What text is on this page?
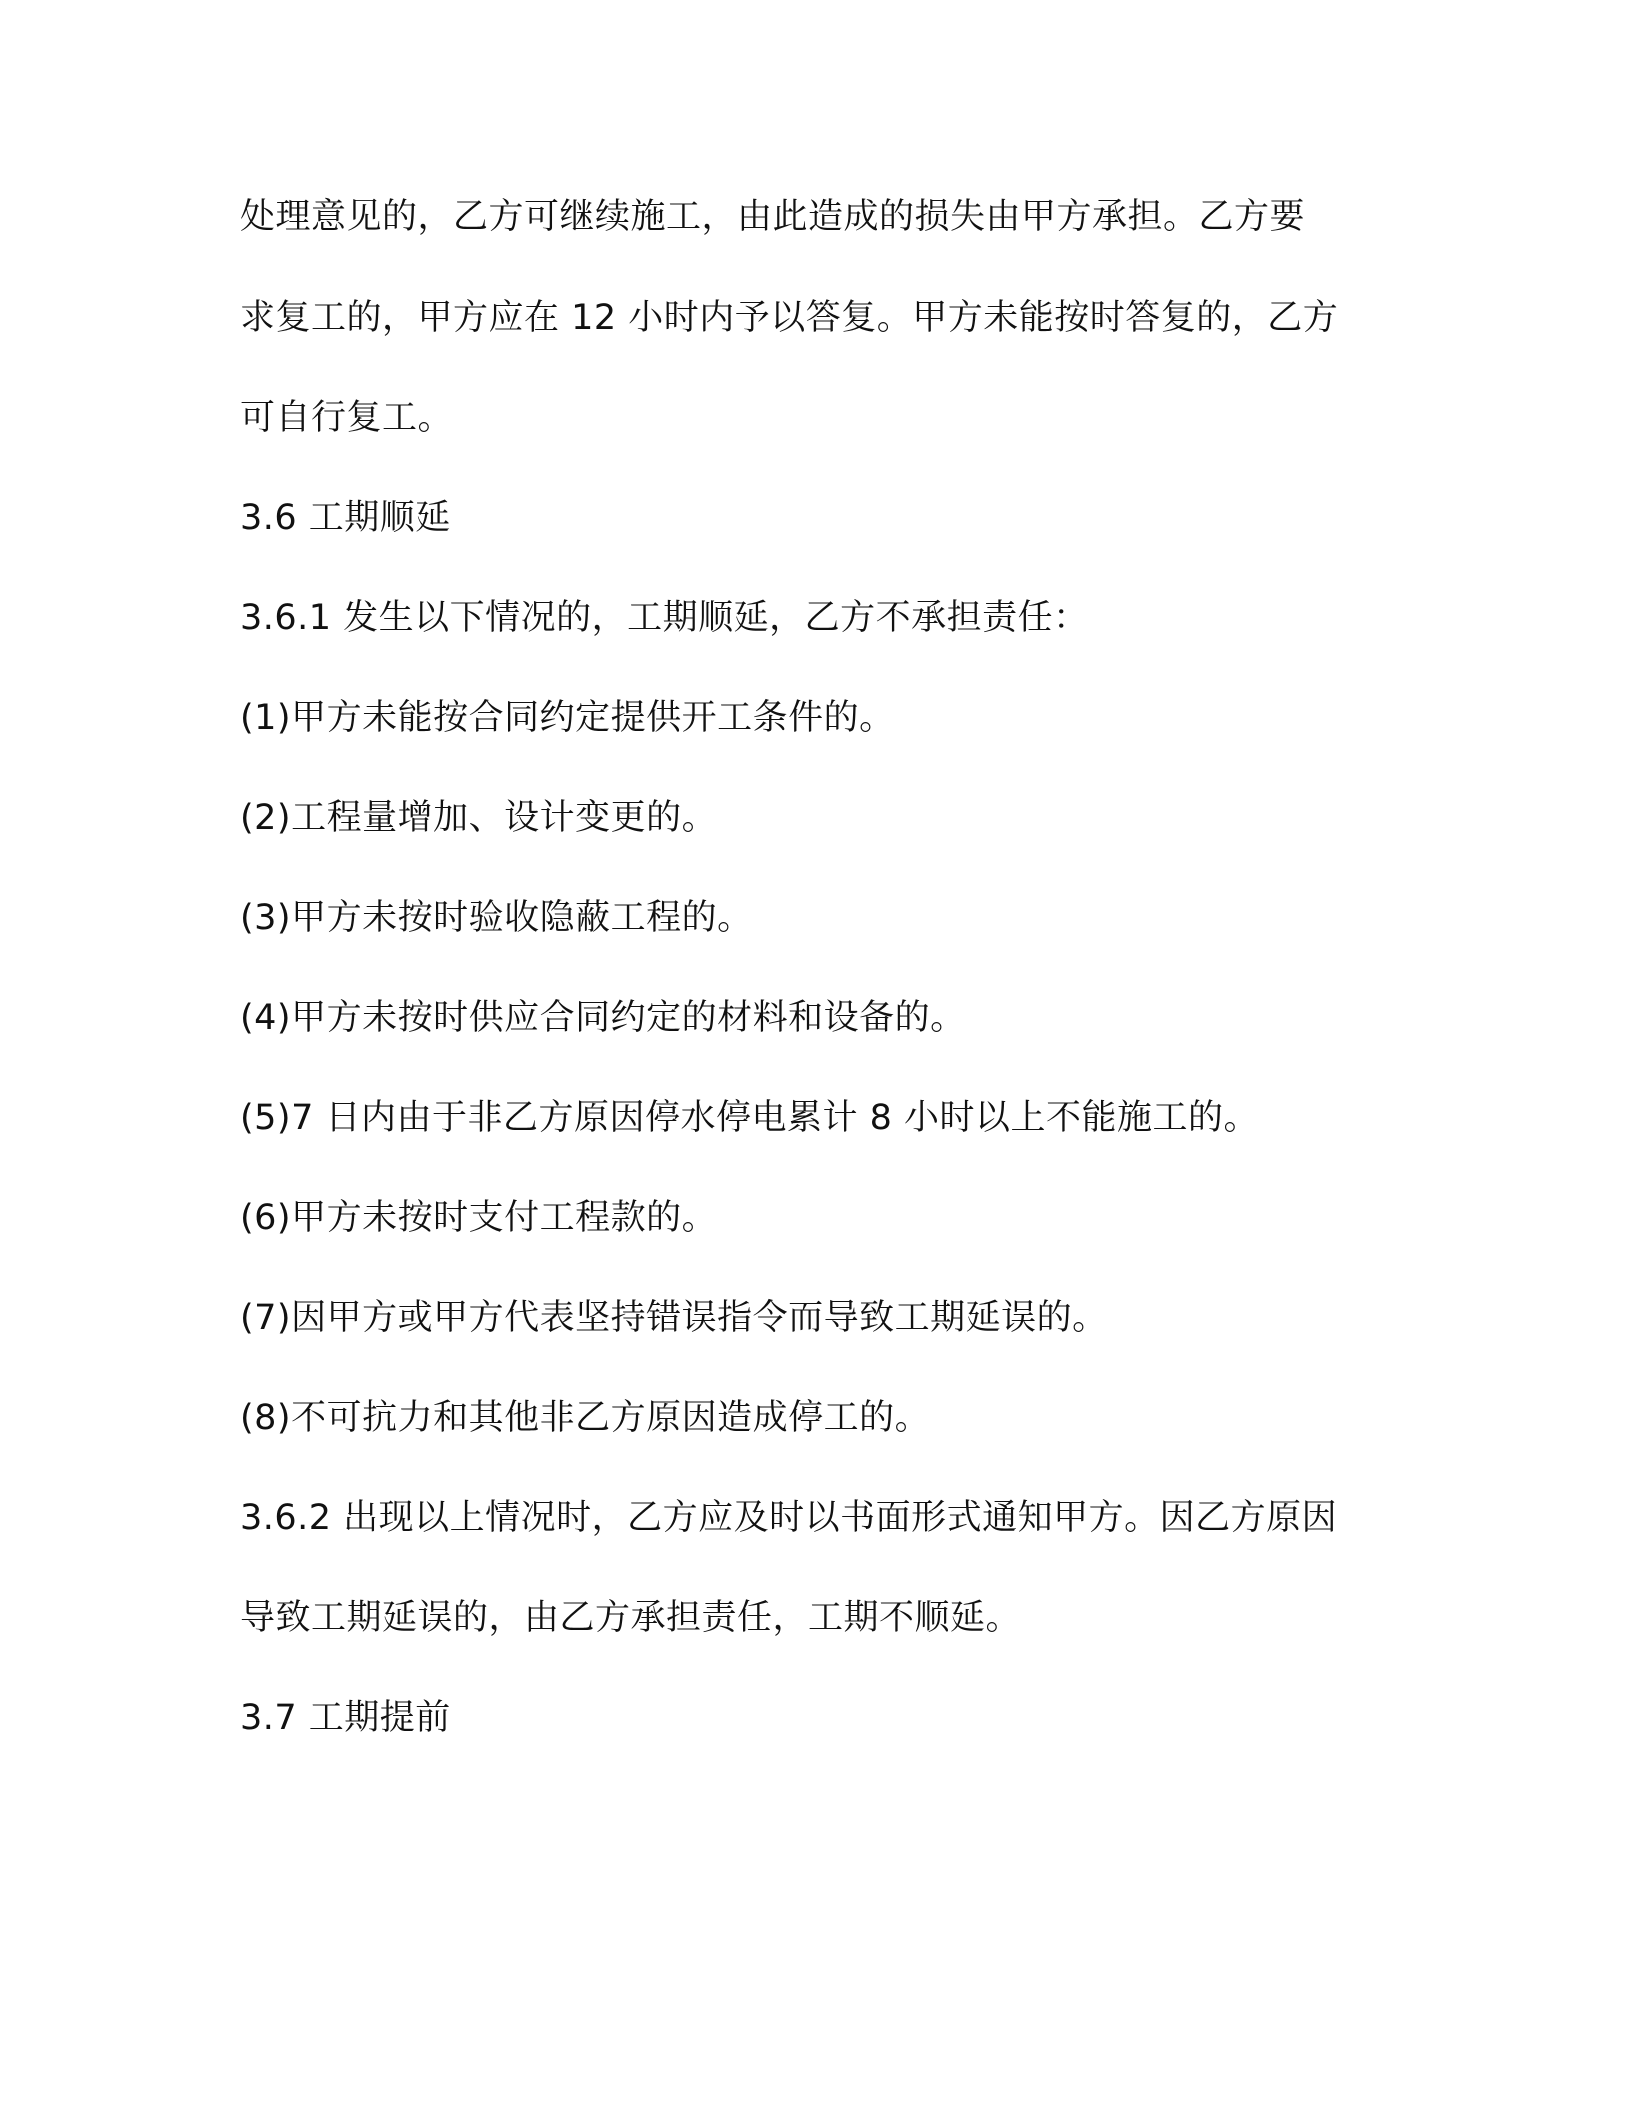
处理意见的，乙方可继续施工，由此造成的损失由甲方承担。乙方要
求复工的，甲方应在 12 小时内予以答复。甲方未能按时答复的，乙方
可自行复工。
3.6 工期顺延
3.6.1 发生以下情况的，工期顺延，乙方不承担责任：
(1)甲方未能按合同约定提供开工条件的。
(2)工程量增加、设计变更的。
(3)甲方未按时验收隐蔽工程的。
(4)甲方未按时供应合同约定的材料和设备的。
(5)7 日内由于非乙方原因停水停电累计 8 小时以上不能施工的。
(6)甲方未按时支付工程款的。
(7)因甲方或甲方代表坚持错误指令而导致工期延误的。
(8)不可抗力和其他非乙方原因造成停工的。
3.6.2 出现以上情况时，乙方应及时以书面形式通知甲方。因乙方原因
导致工期延误的，由乙方承担责任，工期不顺延。
3.7 工期提前
